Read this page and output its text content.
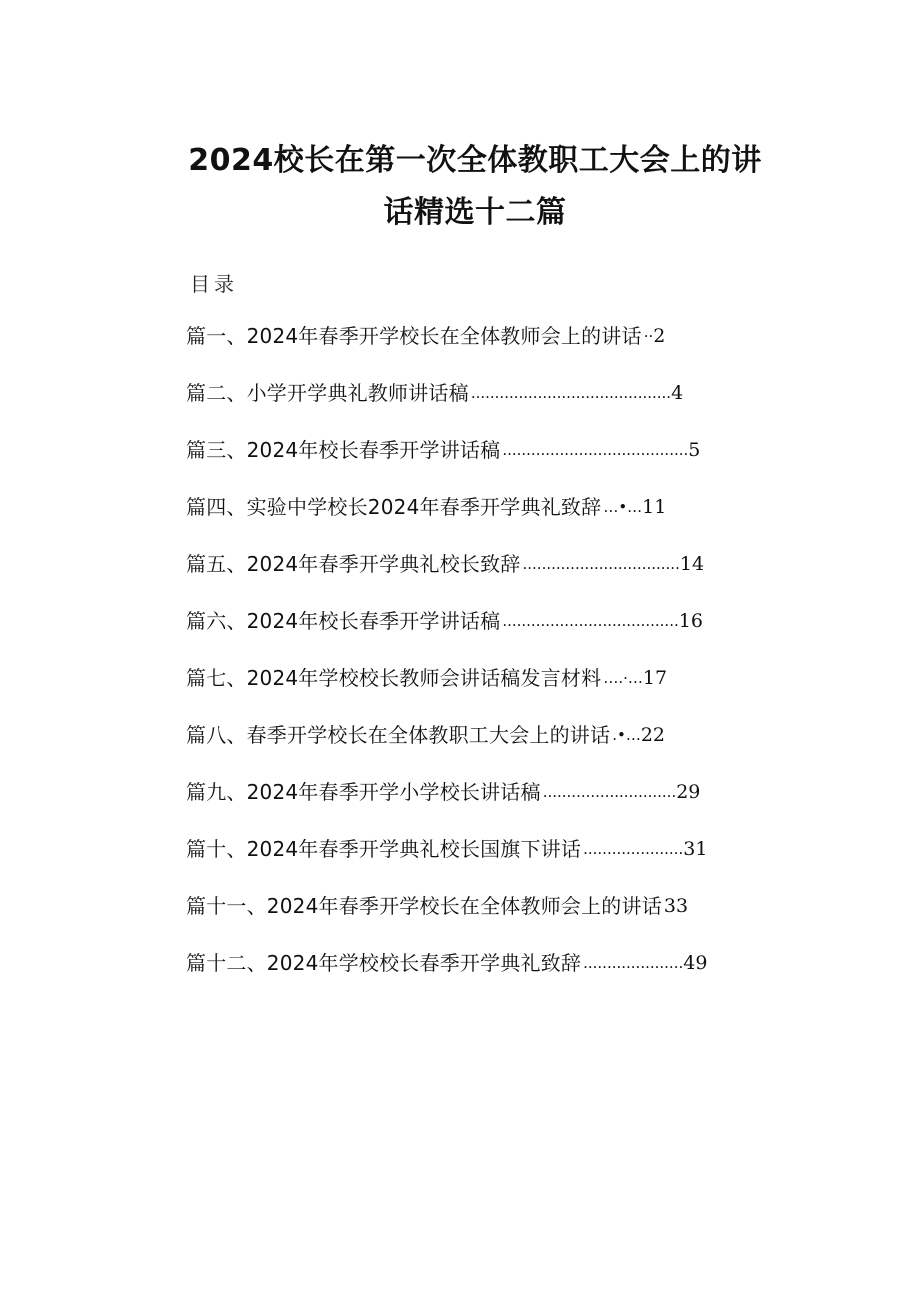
2024校长在第一次全体教职工大会上的讲
话精选十二篇
目录
篇一、2024年春季开学校长在全体教师会上的讲话 ·· 2
篇二、小学开学典礼教师讲话稿 .......................................... 4
篇三、2024年校长春季开学讲话稿 ....................................... 5
篇四、实验中学校长2024年春季开学典礼致辞 …•… 11
篇五、2024年春季开学典礼校长致辞 ................................. 14
篇六、2024年校长春季开学讲话稿 ..................................... 16
篇七、2024年学校校长教师会讲话稿发言材料 ….·… 17
篇八、春季开学校长在全体教职工大会上的讲话 .•… 22
篇九、2024年春季开学小学校长讲话稿 ............................ 29
篇十、2024年春季开学典礼校长国旗下讲话 ..................... 31
篇十一、2024年春季开学校长在全体教师会上的讲话 33
篇十二、2024年学校校长春季开学典礼致辞 ..................... 49
